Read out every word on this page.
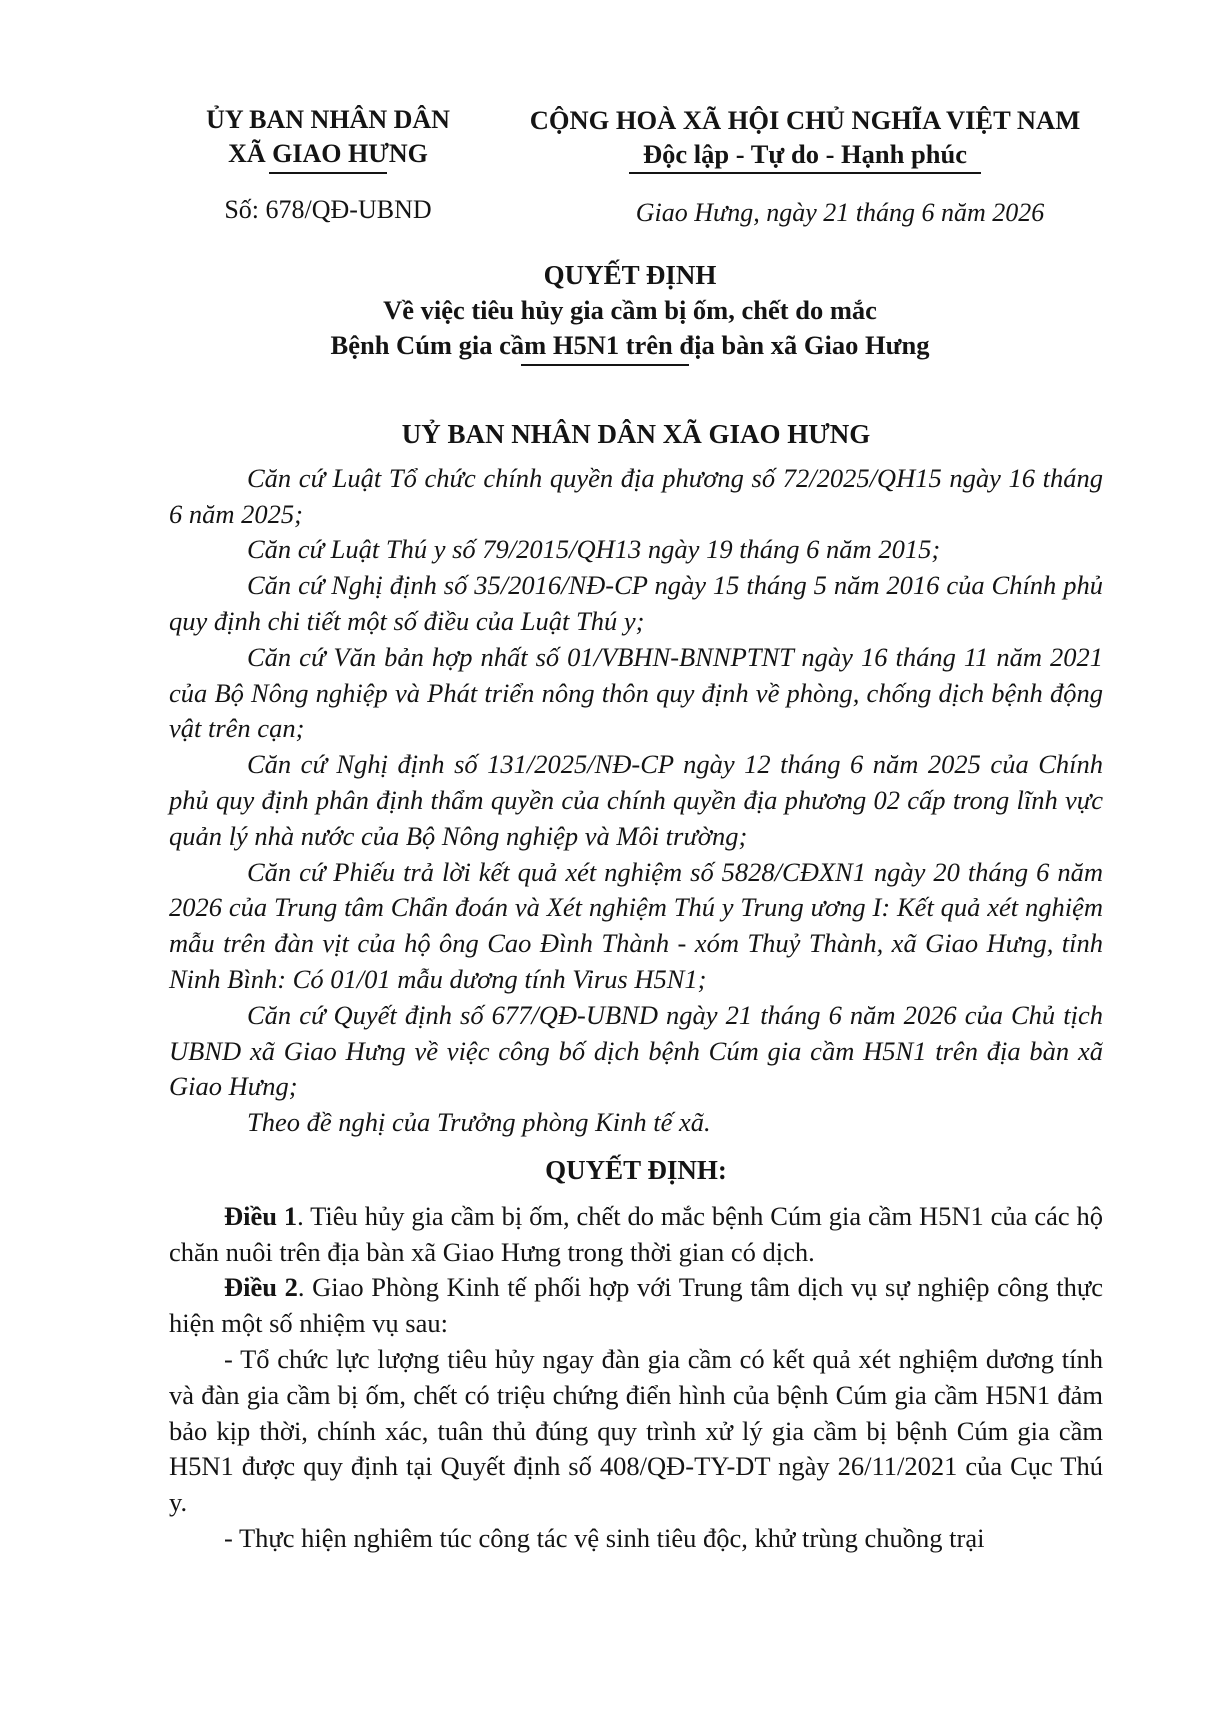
ỦY BAN NHÂN DÂN
XÃ GIAO HƯNG
CỘNG HOÀ XÃ HỘI CHỦ NGHĨA VIỆT NAM
Độc lập - Tự do - Hạnh phúc
Số: 678/QĐ-UBND	Giao Hưng, ngày 21 tháng 6 năm 2026
QUYẾT ĐỊNH
Về việc tiêu hủy gia cầm bị ốm, chết do mắc
Bệnh Cúm gia cầm H5N1 trên địa bàn xã Giao Hưng

UỶ BAN NHÂN DÂN XÃ GIAO HƯNG

Căn cứ Luật Tổ chức chính quyền địa phương số 72/2025/QH15 ngày 16 tháng 6 năm 2025;

Căn cứ Luật Thú y số 79/2015/QH13 ngày 19 tháng 6 năm 2015;

Căn cứ Nghị định số 35/2016/NĐ-CP ngày 15 tháng 5 năm 2016 của Chính phủ quy định chi tiết một số điều của Luật Thú y;

Căn cứ Văn bản hợp nhất số 01/VBHN-BNNPTNT ngày 16 tháng 11 năm 2021 của Bộ Nông nghiệp và Phát triển nông thôn quy định về phòng, chống dịch bệnh động vật trên cạn;

Căn cứ Nghị định số 131/2025/NĐ-CP ngày 12 tháng 6 năm 2025 của Chính phủ quy định phân định thẩm quyền của chính quyền địa phương 02 cấp trong lĩnh vực quản lý nhà nước của Bộ Nông nghiệp và Môi trường;

Căn cứ Phiếu trả lời kết quả xét nghiệm số 5828/CĐXN1 ngày 20 tháng 6 năm 2026 của Trung tâm Chẩn đoán và Xét nghiệm Thú y Trung ương I: Kết quả xét nghiệm mẫu trên đàn vịt của hộ ông Cao Đình Thành - xóm Thuỷ Thành, xã Giao Hưng, tỉnh Ninh Bình: Có 01/01 mẫu dương tính Virus H5N1;

Căn cứ Quyết định số 677/QĐ-UBND ngày 21 tháng 6 năm 2026 của Chủ tịch UBND xã Giao Hưng về việc công bố dịch bệnh Cúm gia cầm H5N1 trên địa bàn xã Giao Hưng;

Theo đề nghị của Trưởng phòng Kinh tế xã.

QUYẾT ĐỊNH:

Điều 1. Tiêu hủy gia cầm bị ốm, chết do mắc bệnh Cúm gia cầm H5N1 của các hộ chăn nuôi trên địa bàn xã Giao Hưng trong thời gian có dịch.

Điều 2. Giao Phòng Kinh tế phối hợp với Trung tâm dịch vụ sự nghiệp công thực hiện một số nhiệm vụ sau:

- Tổ chức lực lượng tiêu hủy ngay đàn gia cầm có kết quả xét nghiệm dương tính và đàn gia cầm bị ốm, chết có triệu chứng điển hình của bệnh Cúm gia cầm H5N1 đảm bảo kịp thời, chính xác, tuân thủ đúng quy trình xử lý gia cầm bị bệnh Cúm gia cầm H5N1 được quy định tại Quyết định số 408/QĐ-TY-DT ngày 26/11/2021 của Cục Thú y.

- Thực hiện nghiêm túc công tác vệ sinh tiêu độc, khử trùng chuồng trại
